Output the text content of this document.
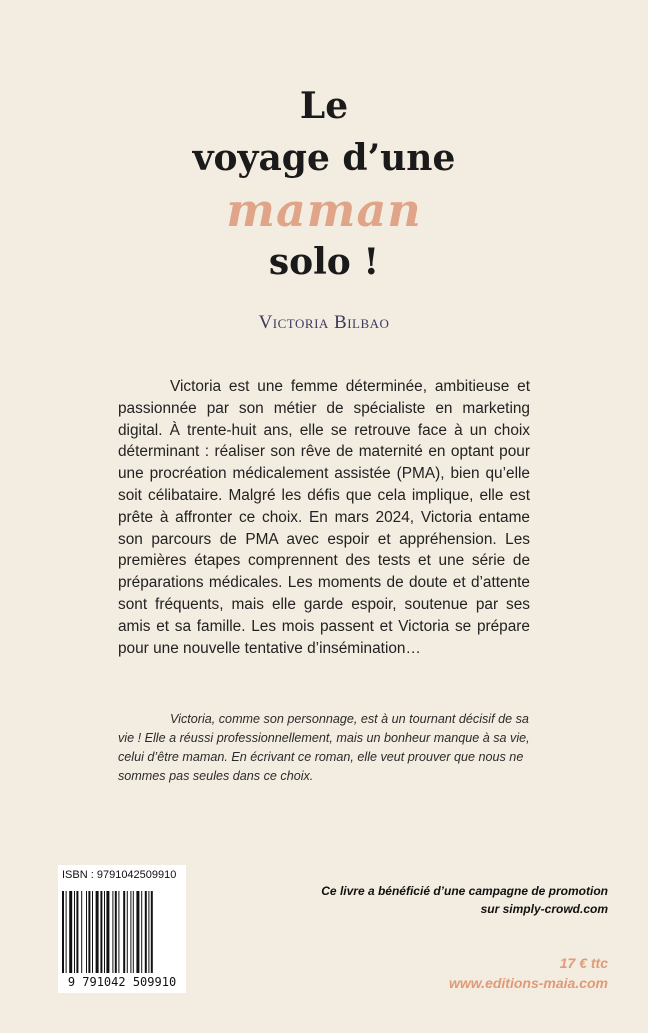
Le
voyage d’une
maman
solo !
Victoria Bilbao

Victoria est une femme déterminée, ambitieuse et passionnée par son métier de spécialiste en marketing digital. À trente-huit ans, elle se retrouve face à un choix déterminant : réaliser son rêve de maternité en optant pour une procréation médicalement assistée (PMA), bien qu’elle soit célibataire. Malgré les défis que cela implique, elle est prête à affronter ce choix. En mars 2024, Victoria entame son parcours de PMA avec espoir et appréhension. Les premières étapes comprennent des tests et une série de préparations médicales. Les moments de doute et d’attente sont fréquents, mais elle garde espoir, soutenue par ses amis et sa famille. Les mois passent et Victoria se prépare pour une nouvelle tentative d’insémination…

Victoria, comme son personnage, est à un tournant décisif de sa vie ! Elle a réussi professionnellement, mais un bonheur manque à sa vie, celui d’être maman. En écrivant ce roman, elle veut prouver que nous ne sommes pas seules dans ce choix.

ISBN : 9791042509910
9 791042 509910
Ce livre a bénéficié d’une campagne de promotion
sur simply-crowd.com
17 € ttc
www.editions-maia.com
